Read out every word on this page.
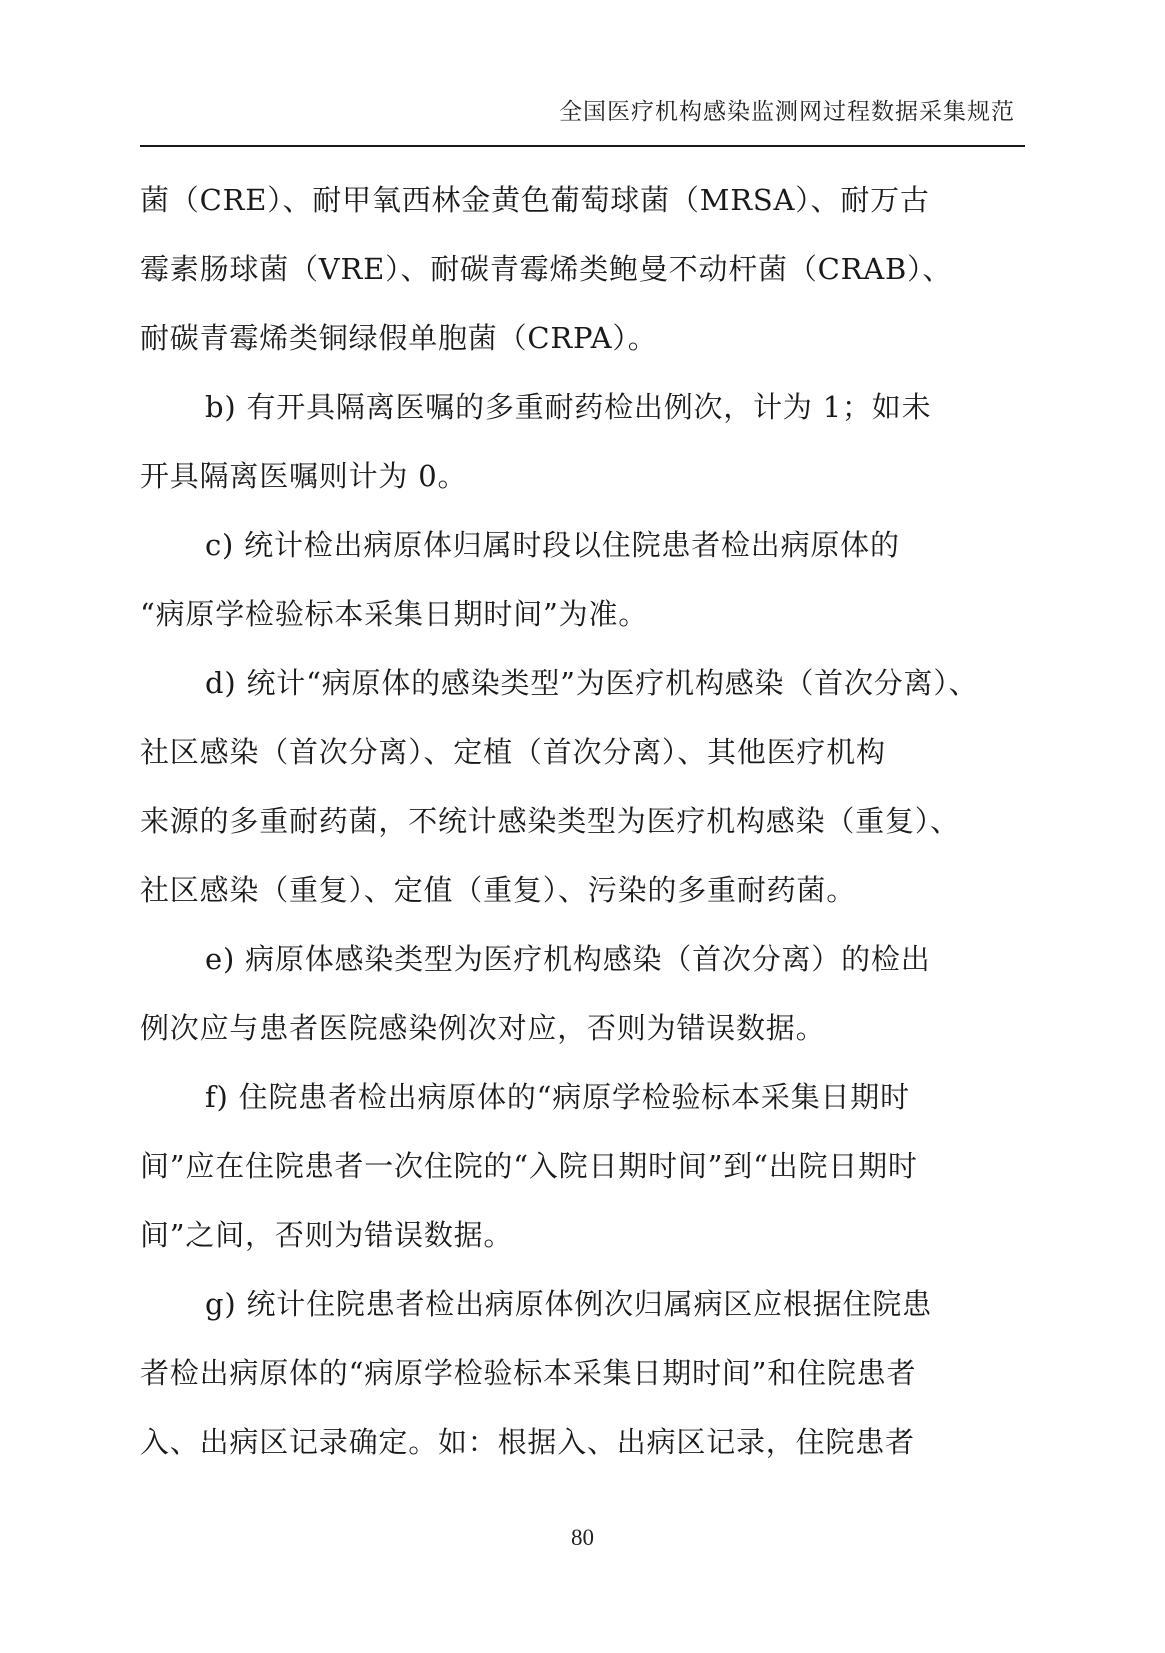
全国医疗机构感染监测网过程数据采集规范
菌（CRE）、耐甲氧西林金黄色葡萄球菌（MRSA）、耐万古
霉素肠球菌（VRE）、耐碳青霉烯类鲍曼不动杆菌（CRAB）、
耐碳青霉烯类铜绿假单胞菌（CRPA）。
b) 有开具隔离医嘱的多重耐药检出例次，计为 1；如未
开具隔离医嘱则计为 0。
c) 统计检出病原体归属时段以住院患者检出病原体的
“病原学检验标本采集日期时间”为准。
d) 统计“病原体的感染类型”为医疗机构感染（首次分离）、
社区感染（首次分离）、定植（首次分离）、其他医疗机构
来源的多重耐药菌，不统计感染类型为医疗机构感染（重复）、
社区感染（重复）、定值（重复）、污染的多重耐药菌。
e) 病原体感染类型为医疗机构感染（首次分离）的检出
例次应与患者医院感染例次对应，否则为错误数据。
f) 住院患者检出病原体的“病原学检验标本采集日期时
间”应在住院患者一次住院的“入院日期时间”到“出院日期时
间”之间，否则为错误数据。
g) 统计住院患者检出病原体例次归属病区应根据住院患
者检出病原体的“病原学检验标本采集日期时间”和住院患者
入、出病区记录确定。如：根据入、出病区记录，住院患者
80
